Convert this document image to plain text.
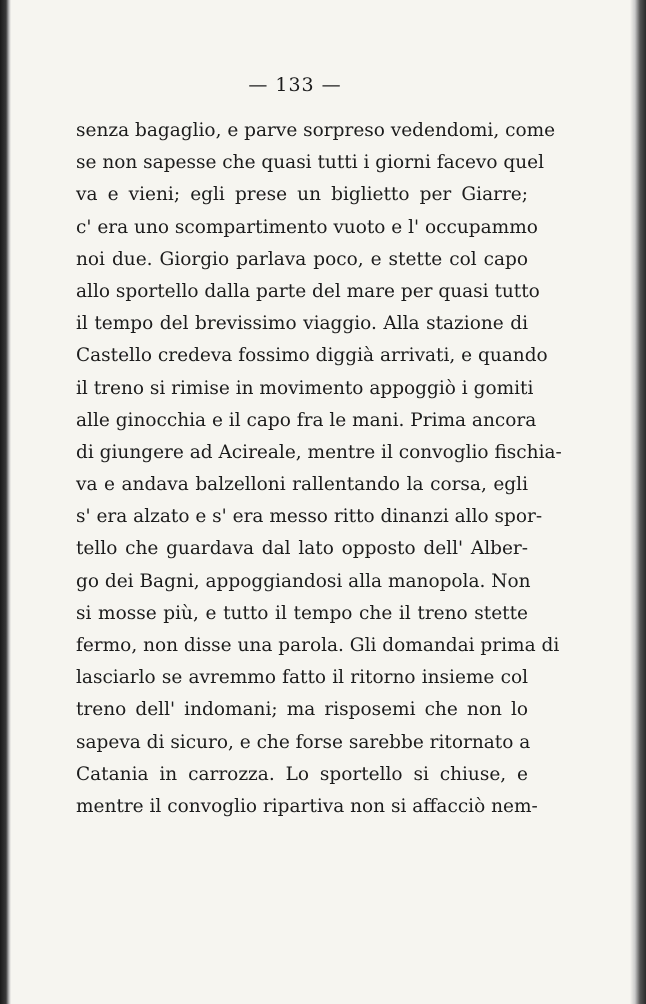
— 133 —
senza bagaglio, e parve sorpreso vedendomi, come
se non sapesse che quasi tutti i giorni facevo quel
va e vieni; egli prese un biglietto per Giarre;
c' era uno scompartimento vuoto e l' occupammo
noi due. Giorgio parlava poco, e stette col capo
allo sportello dalla parte del mare per quasi tutto
il tempo del brevissimo viaggio. Alla stazione di
Castello credeva fossimo diggià arrivati, e quando
il treno si rimise in movimento appoggiò i gomiti
alle ginocchia e il capo fra le mani. Prima ancora
di giungere ad Acireale, mentre il convoglio fischia-
va e andava balzelloni rallentando la corsa, egli
s' era alzato e s' era messo ritto dinanzi allo spor-
tello che guardava dal lato opposto dell' Alber-
go dei Bagni, appoggiandosi alla manopola. Non
si mosse più, e tutto il tempo che il treno stette
fermo, non disse una parola. Gli domandai prima di
lasciarlo se avremmo fatto il ritorno insieme col
treno dell' indomani; ma risposemi che non lo
sapeva di sicuro, e che forse sarebbe ritornato a
Catania in carrozza. Lo sportello si chiuse, e
mentre il convoglio ripartiva non si affacciò nem-
